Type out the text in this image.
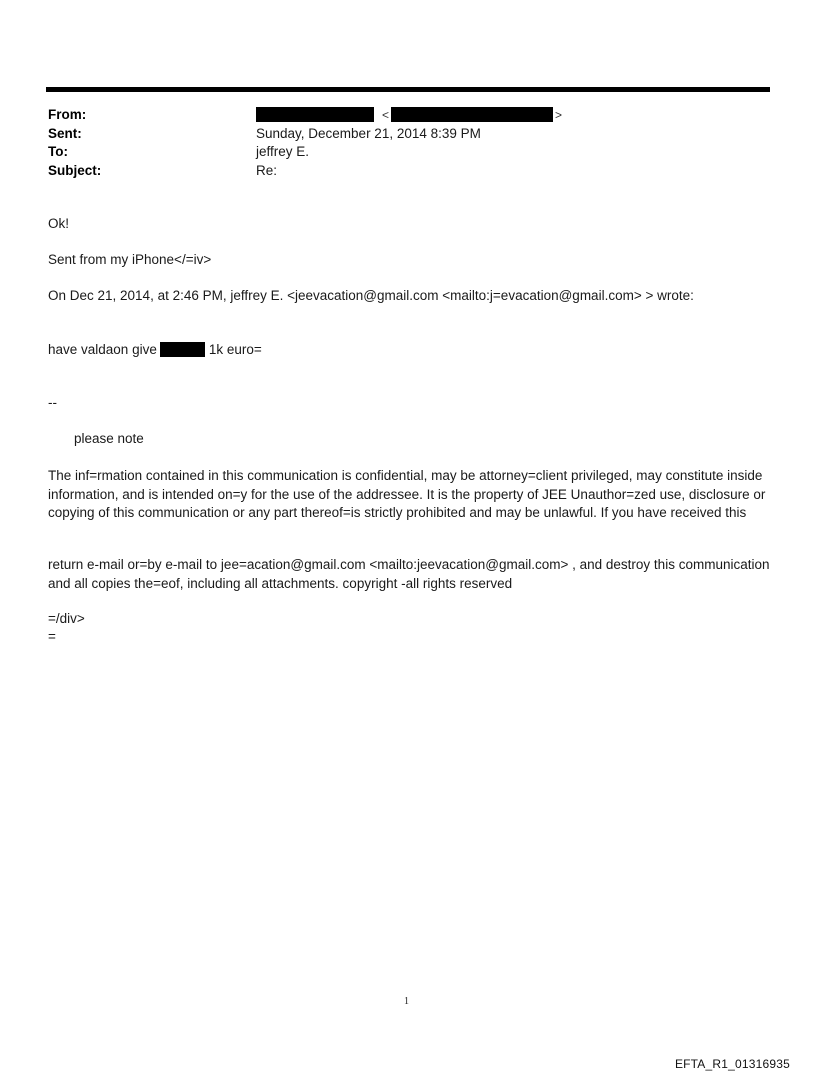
From:	<	>
Sent:	Sunday, December 21, 2014 8:39 PM
To:	jeffrey E.
Subject:	Re:
Ok!
Sent from my iPhone</=iv>
On Dec 21, 2014, at 2:46 PM, jeffrey E. <jeevacation@gmail.com <mailto:j=evacation@gmail.com> > wrote:
have valdaon give	1k euro=
--
please note
The inf=rmation contained in this communication is confidential, may be attorney=client privileged, may constitute inside information, and is intended on=y for the use of the addressee. It is the property of JEE Unauthor=zed use, disclosure or copying of this communication or any part thereof=is strictly prohibited and may be unlawful. If you have received this
return e-mail or=by e-mail to jee=acation@gmail.com <mailto:jeevacation@gmail.com> , and destroy this communication and all copies the=eof, including all attachments. copyright -all rights reserved
=/div>
=
1
EFTA_R1_01316935
